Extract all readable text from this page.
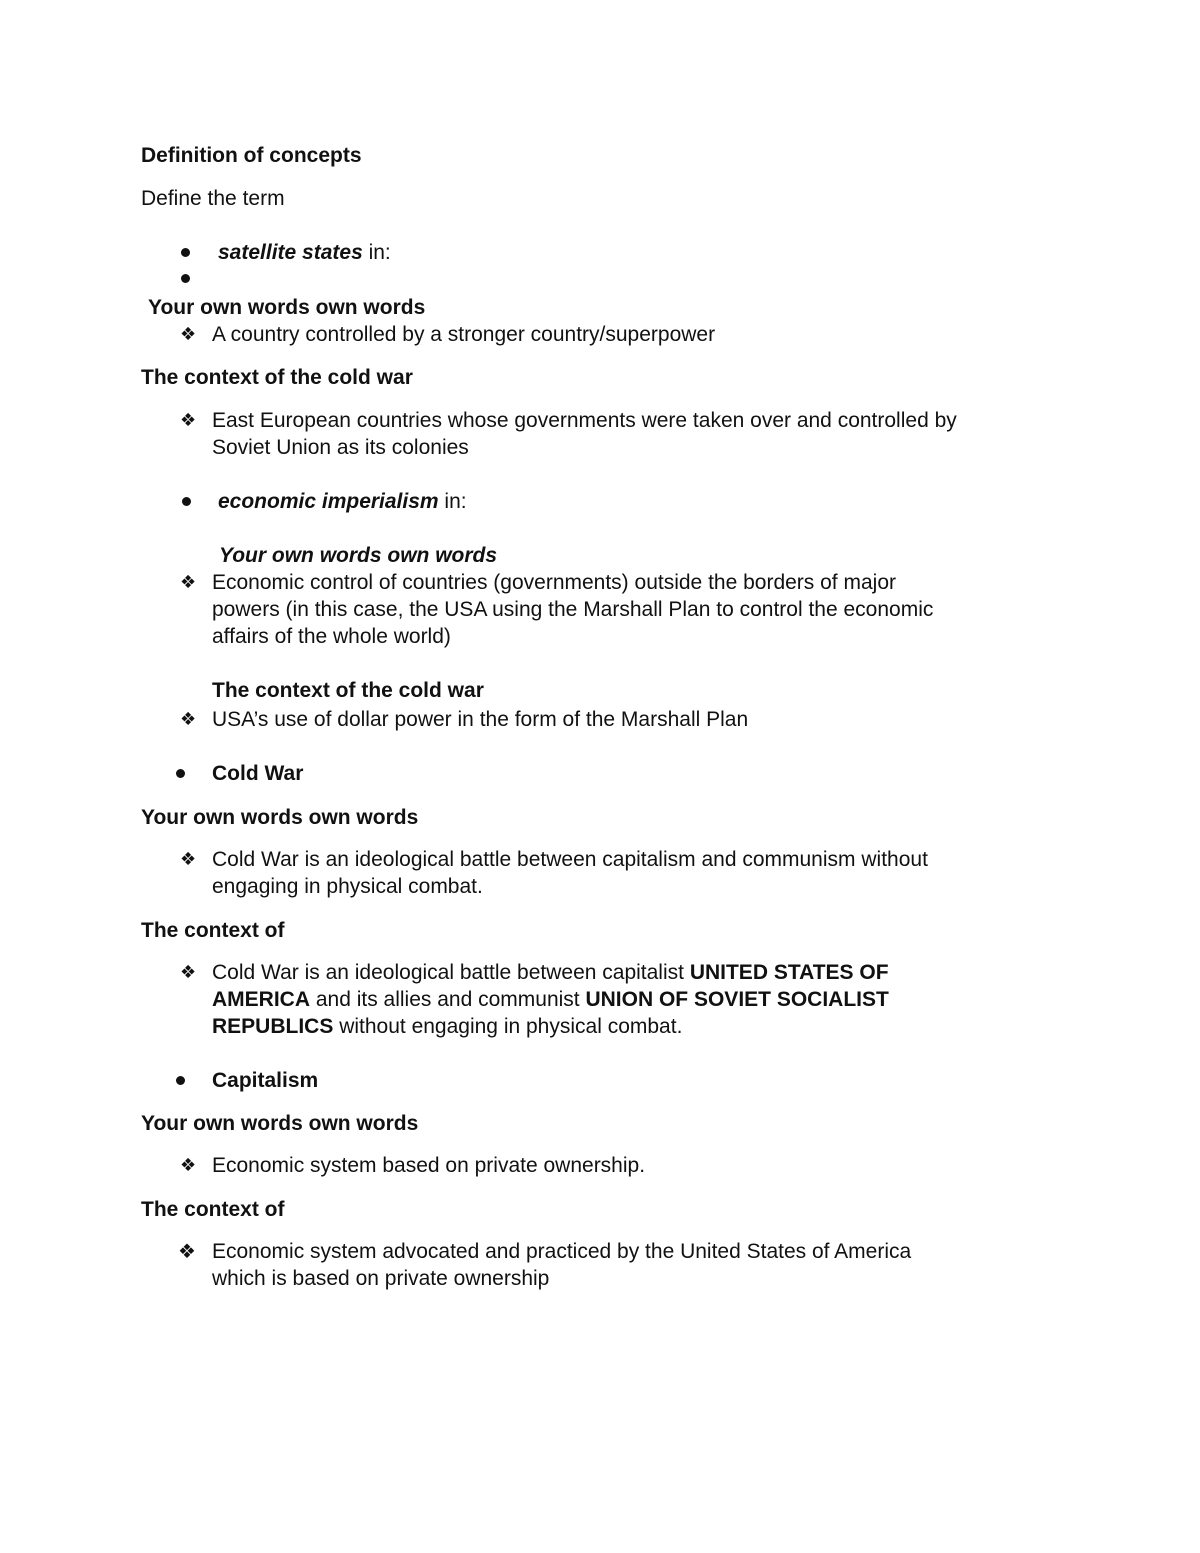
Definition of concepts
Define the term
satellite states in:
Your own words own words
❖ A country controlled by a stronger country/superpower
The context of the cold war
❖ East European countries whose governments were taken over and controlled by
Soviet Union as its colonies
economic imperialism in:
Your own words own words
❖ Economic control of countries (governments) outside the borders of major
powers (in this case, the USA using the Marshall Plan to control the economic
affairs of the whole world)
The context of the cold war
❖ USA’s use of dollar power in the form of the Marshall Plan
Cold War
Your own words own words
❖ Cold War is an ideological battle between capitalism and communism without
engaging in physical combat.
The context of
❖ Cold War is an ideological battle between capitalist UNITED STATES OF
AMERICA and its allies and communist UNION OF SOVIET SOCIALIST
REPUBLICS without engaging in physical combat.
Capitalism
Your own words own words
❖ Economic system based on private ownership.
The context of
❖ Economic system advocated and practiced by the United States of America
which is based on private ownership
